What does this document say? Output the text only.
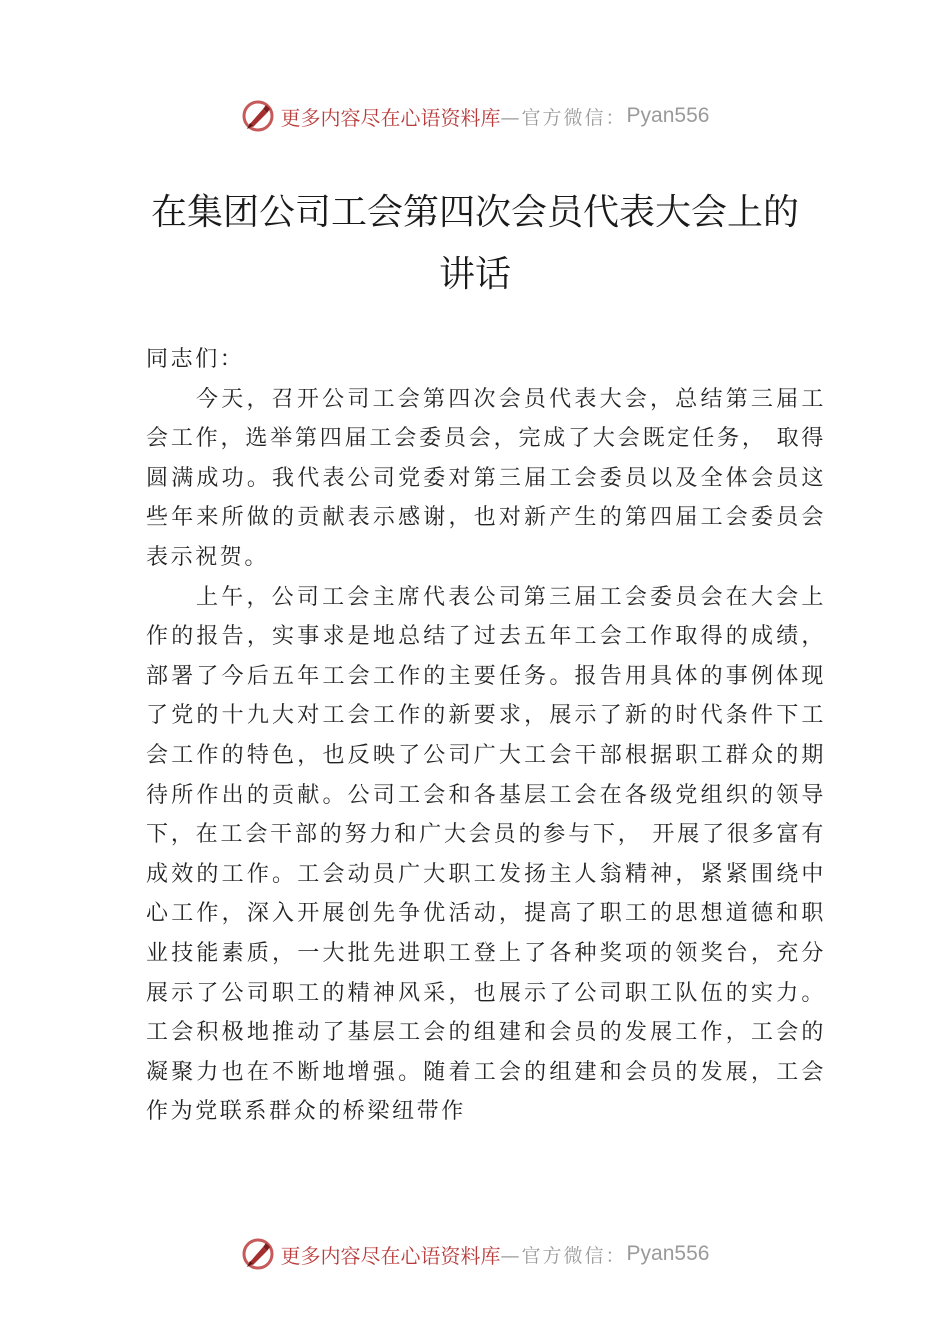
更多内容尽在心语资料库 —官方微信： Pyan556
在集团公司工会第四次会员代表大会上的
讲话

同志们：

今天，召开公司工会第四次会员代表大会，总结第三届工会工作，选举第四届工会委员会，完成了大会既定任务， 取得圆满成功。我代表公司党委对第三届工会委员以及全体会员这些年来所做的贡献表示感谢，也对新产生的第四届工会委员会表示祝贺。

上午，公司工会主席代表公司第三届工会委员会在大会上作的报告，实事求是地总结了过去五年工会工作取得的成绩，部署了今后五年工会工作的主要任务。报告用具体的事例体现了党的十九大对工会工作的新要求，展示了新的时代条件下工会工作的特色，也反映了公司广大工会干部根据职工群众的期待所作出的贡献。公司工会和各基层工会在各级党组织的领导下，在工会干部的努力和广大会员的参与下， 开展了很多富有成效的工作。工会动员广大职工发扬主人翁精神，紧紧围绕中心工作，深入开展创先争优活动，提高了职工的思想道德和职业技能素质，一大批先进职工登上了各种奖项的领奖台，充分展示了公司职工的精神风采，也展示了公司职工队伍的实力。工会积极地推动了基层工会的组建和会员的发展工作，工会的凝聚力也在不断地增强。随着工会的组建和会员的发展，工会作为党联系群众的桥梁纽带作

更多内容尽在心语资料库 —官方微信： Pyan556
